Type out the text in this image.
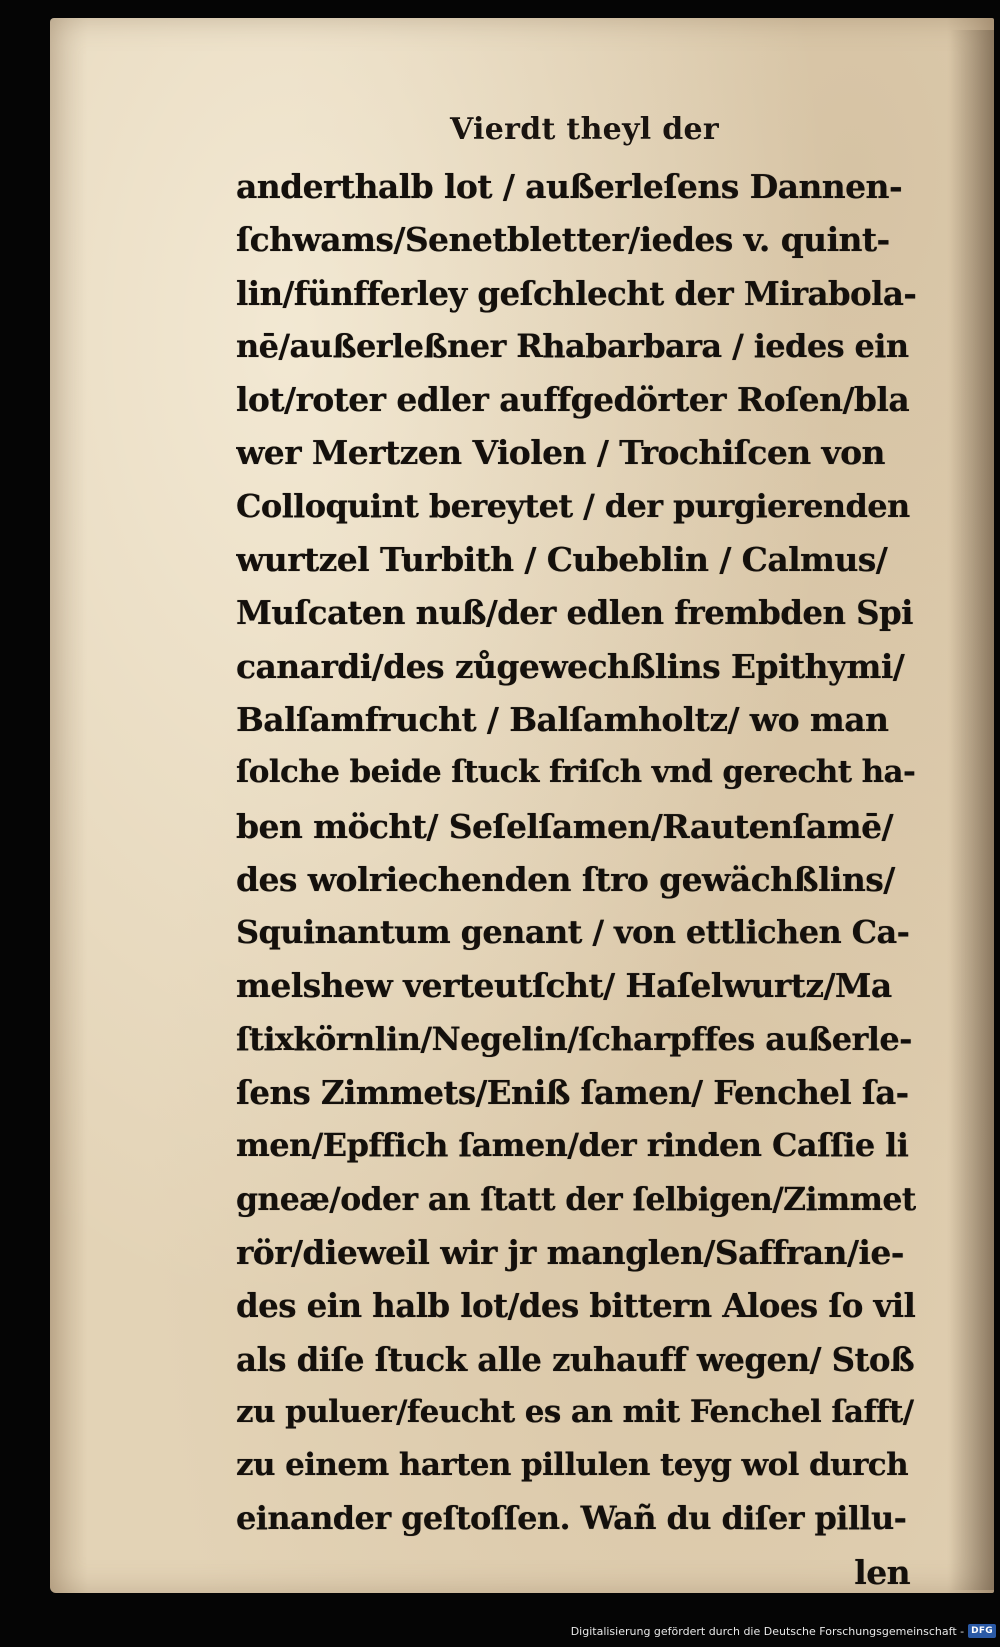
Vierdt theyl der
anderthalb lot / außerleſens Dannen-
ſchwams/Senetbletter/iedes v. quint-
lin/fünfferley geſchlecht der Mirabola-
nē/außerleßner Rhabarbara / iedes ein
lot/roter edler auffgedörter Roſen/bla
wer Mertzen Violen / Trochiſcen von
Colloquint bereytet / der purgierenden
wurtzel Turbith / Cubeblin / Calmus/
Muſcaten nuß/der edlen frembden Spi
canardi/des zůgewechßlins Epithymi/
Balſamfrucht / Balſamholtz/ wo man
ſolche beide ſtuck friſch vnd gerecht ha-
ben möcht/ Seſelſamen/Rautenſamē/
des wolriechenden ſtro gewächßlins/
Squinantum genant / von ettlichen Ca-
melshew verteutſcht/ Haſelwurtz/Ma
ſtixkörnlin/Negelin/ſcharpffes außerle-
ſens Zimmets/Eniß ſamen/ Fenchel ſa-
men/Epffich ſamen/der rinden Caſſie li
gneæ/oder an ſtatt der ſelbigen/Zimmet
rör/dieweil wir jr manglen/Saffran/ie-
des ein halb lot/des bittern Aloes ſo vil
als diſe ſtuck alle zuhauff wegen/ Stoß
zu puluer/feucht es an mit Fenchel ſafft/
zu einem harten pillulen teyg wol durch
einander geſtoſſen. Wañ du diſer pillu-
len
Digitalisierung gefördert durch die Deutsche Forschungsgemeinschaft - DFG
